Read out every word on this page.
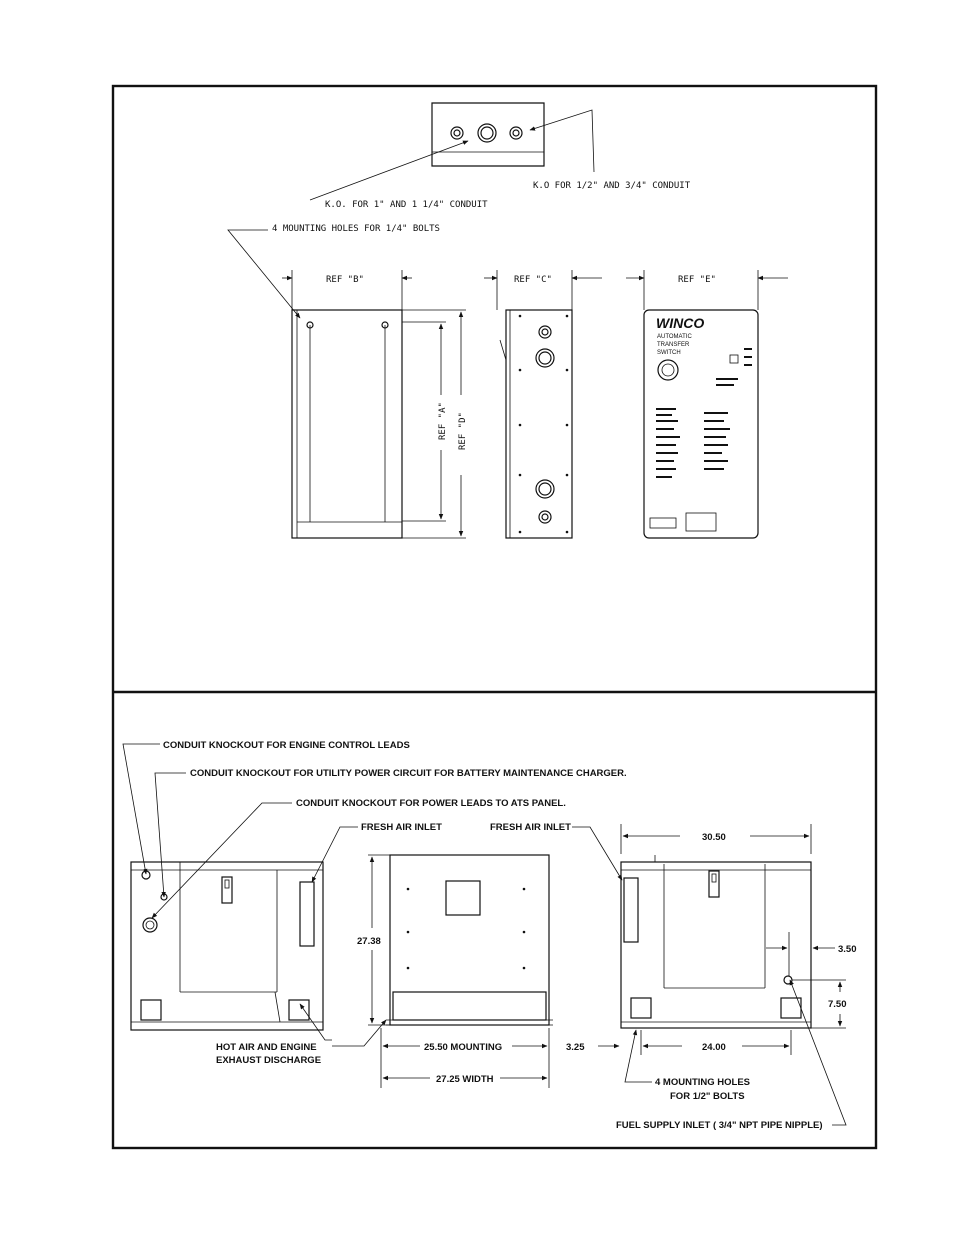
K.O FOR 1/2" AND 3/4" CONDUIT
K.O. FOR 1" AND 1 1/4" CONDUIT
4 MOUNTING HOLES FOR 1/4" BOLTS
REF "B"
REF "A" REF "D"
REF "C"	REF "E"
WINCO
AUTOMATIC
TRANSFER
SWITCH
CONDUIT KNOCKOUT FOR ENGINE CONTROL LEADS
CONDUIT KNOCKOUT FOR UTILITY POWER CIRCUIT FOR BATTERY MAINTENANCE CHARGER.
CONDUIT KNOCKOUT FOR POWER LEADS TO ATS PANEL.
FRESH AIR INLET	FRESH AIR INLET
HOT AIR AND ENGINE
EXHAUST DISCHARGE
4 MOUNTING HOLES
FOR 1/2" BOLTS
FUEL SUPPLY INLET ( 3/4" NPT PIPE NIPPLE)
27.38
25.50 MOUNTING
27.25 WIDTH
30.50
3.50
7.50
24.00
3.25
